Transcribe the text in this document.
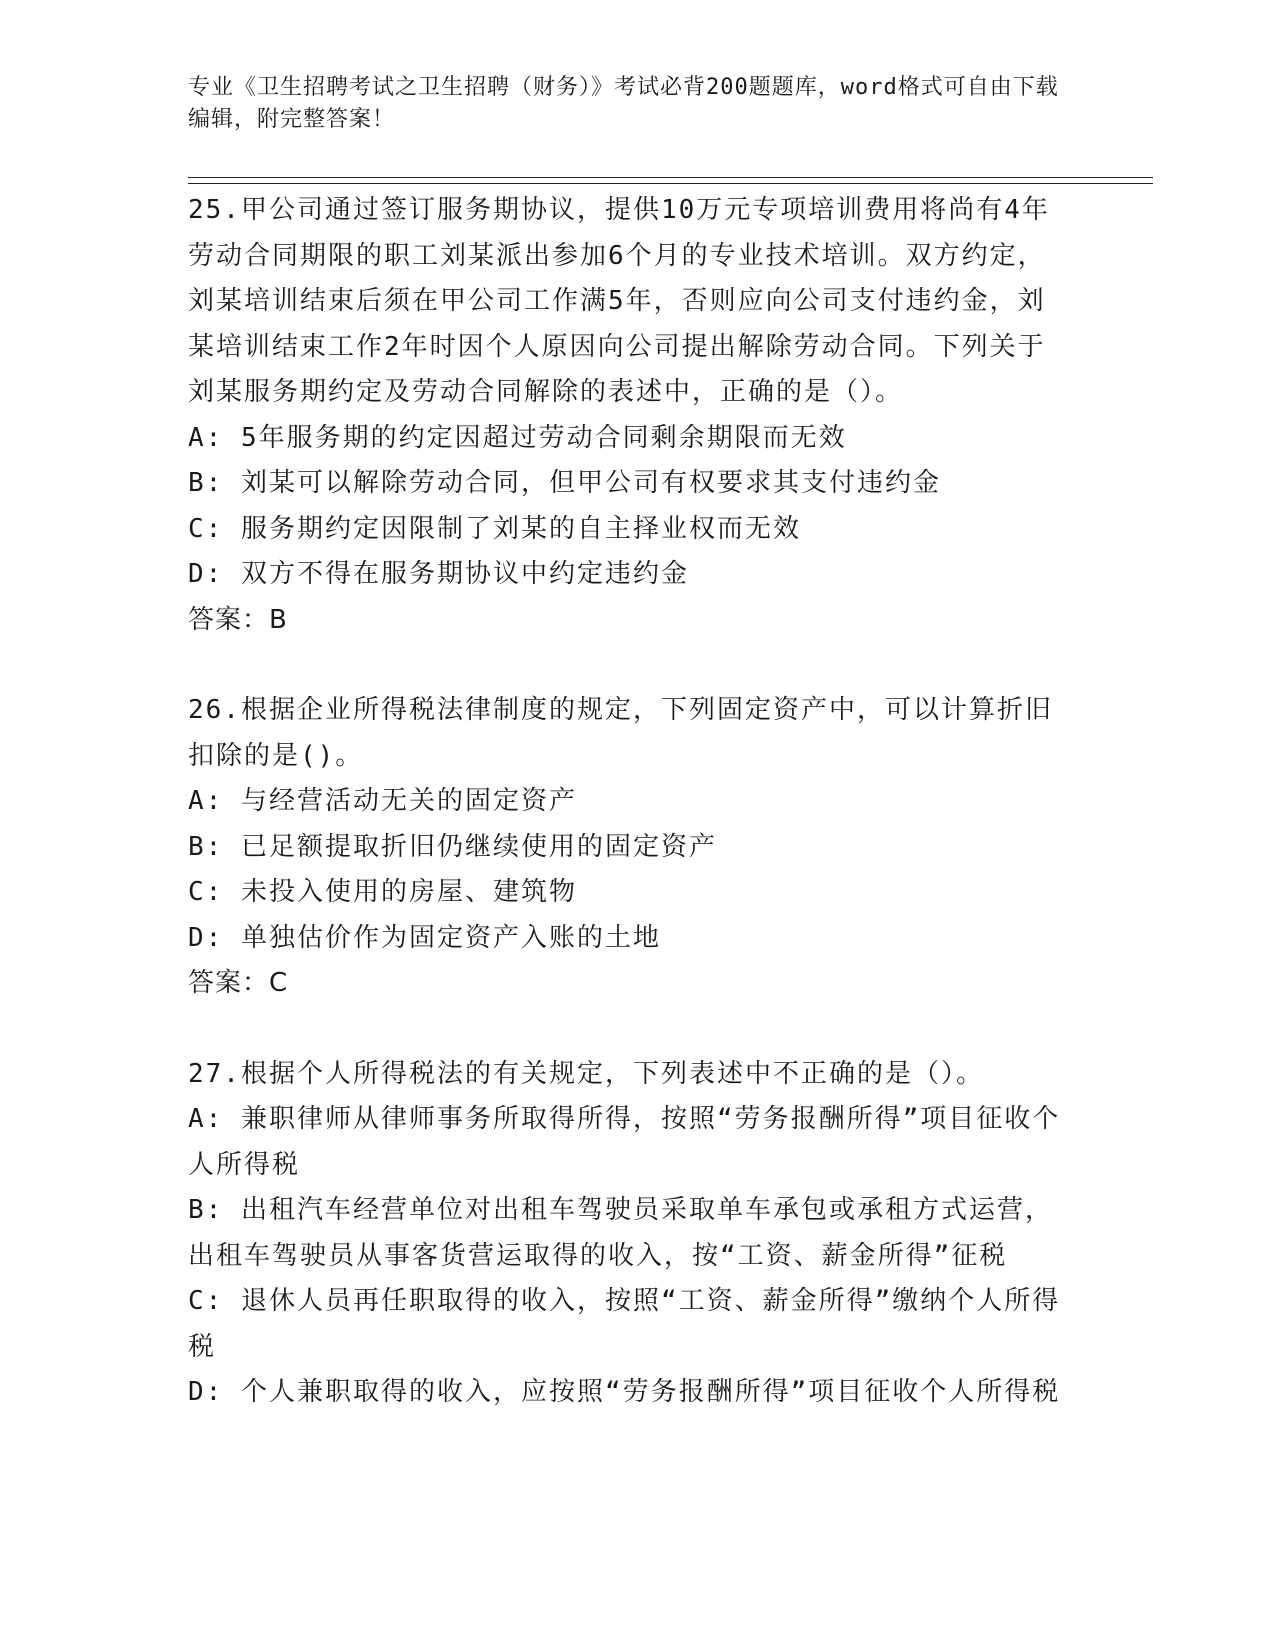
专业《卫生招聘考试之卫生招聘（财务）》考试必背200题题库，word格式可自由下载编辑，附完整答案！
25.甲公司通过签订服务期协议，提供10万元专项培训费用将尚有4年劳动合同期限的职工刘某派出参加6个月的专业技术培训。双方约定，刘某培训结束后须在甲公司工作满5年，否则应向公司支付违约金，刘某培训结束工作2年时因个人原因向公司提出解除劳动合同。下列关于刘某服务期约定及劳动合同解除的表述中，正确的是（）。
A: 5年服务期的约定因超过劳动合同剩余期限而无效
B: 刘某可以解除劳动合同，但甲公司有权要求其支付违约金
C: 服务期约定因限制了刘某的自主择业权而无效
D: 双方不得在服务期协议中约定违约金
答案：B
26.根据企业所得税法律制度的规定，下列固定资产中，可以计算折旧扣除的是()。
A: 与经营活动无关的固定资产
B: 已足额提取折旧仍继续使用的固定资产
C: 未投入使用的房屋、建筑物
D: 单独估价作为固定资产入账的土地
答案：C
27.根据个人所得税法的有关规定，下列表述中不正确的是（）。
A: 兼职律师从律师事务所取得所得，按照“劳务报酬所得”项目征收个人所得税
B: 出租汽车经营单位对出租车驾驶员采取单车承包或承租方式运营，出租车驾驶员从事客货营运取得的收入，按“工资、薪金所得”征税
C: 退休人员再任职取得的收入，按照“工资、薪金所得”缴纳个人所得税
D: 个人兼职取得的收入，应按照“劳务报酬所得”项目征收个人所得税
